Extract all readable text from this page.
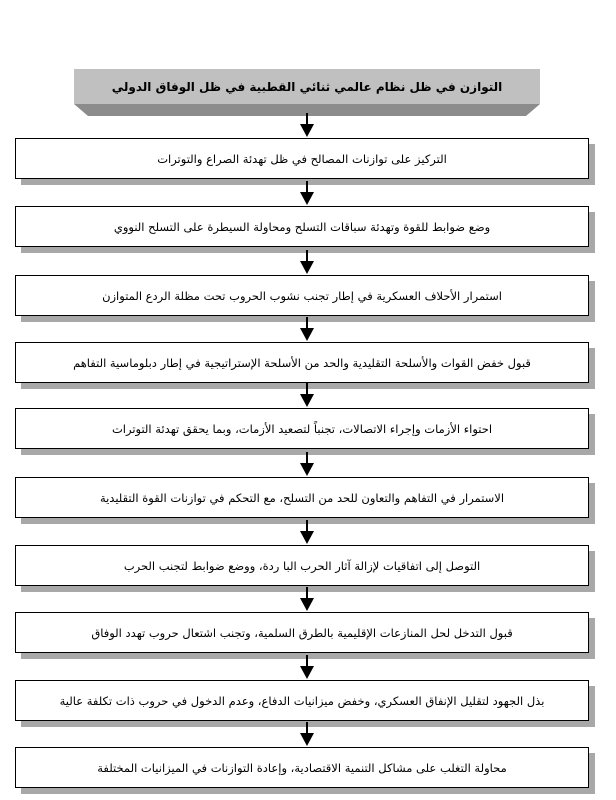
التوازن في ظل نظام عالمي ثنائي القطبية في ظل الوفاق الدولي
التركيز على توازنات المصالح في ظل تهدئة الصراع والتوترات
وضع ضوابط للقوة وتهدئة سباقات التسلح ومحاولة السيطرة على التسلح النووي
استمرار الأحلاف العسكرية في إطار تجنب نشوب الحروب تحت مظلة الردع المتوازن
قبول خفض القوات والأسلحة التقليدية والحد من الأسلحة الإستراتيجية في إطار دبلوماسية التفاهم
احتواء الأزمات وإجراء الاتصالات، تجنباً لتصعيد الأزمات، وبما يحقق تهدئة التوترات
الاستمرار في التفاهم والتعاون للحد من التسلح، مع التحكم في توازنات القوة التقليدية
التوصل إلى اتفاقيات لإزالة آثار الحرب البا ردة، ووضع ضوابط لتجنب الحرب
قبول التدخل لحل المنازعات الإقليمية بالطرق السلمية، وتجنب اشتعال حروب تهدد الوفاق
بذل الجهود لتقليل الإنفاق العسكري، وخفض ميزانيات الدفاع، وعدم الدخول في حروب ذات تكلفة عالية
محاولة التغلب على مشاكل التنمية الاقتصادية، وإعادة التوازنات في الميزانيات المختلفة
